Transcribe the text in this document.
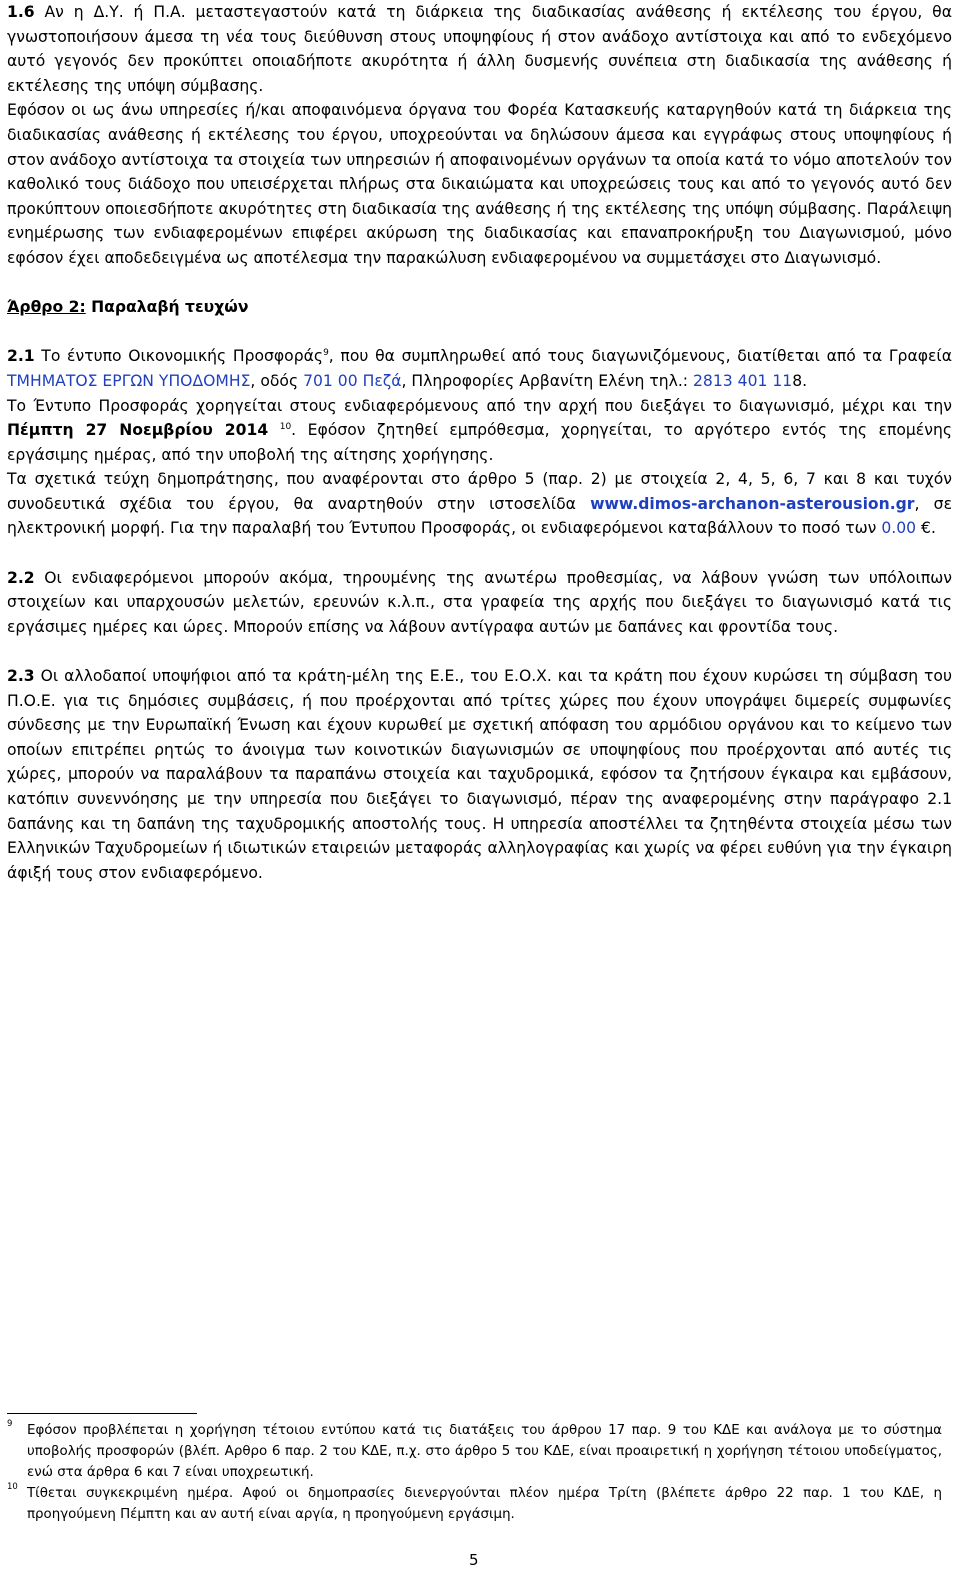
1.6 Αν η Δ.Υ. ή Π.Α. μεταστεγαστούν κατά τη διάρκεια της διαδικασίας ανάθεσης ή εκτέλεσης του έργου, θα γνωστοποιήσουν άμεσα τη νέα τους διεύθυνση στους υποψηφίους ή στον ανάδοχο αντίστοιχα και από το ενδεχόμενο αυτό γεγονός δεν προκύπτει οποιαδήποτε ακυρότητα ή άλλη δυσμενής συνέπεια στη διαδικασία της ανάθεσης ή εκτέλεσης της υπόψη σύμβασης.

Εφόσον οι ως άνω υπηρεσίες ή/και αποφαινόμενα όργανα του Φορέα Κατασκευής καταργηθούν κατά τη διάρκεια της διαδικασίας ανάθεσης ή εκτέλεσης του έργου, υποχρεούνται να δηλώσουν άμεσα και εγγράφως στους υποψηφίους ή στον ανάδοχο αντίστοιχα τα στοιχεία των υπηρεσιών ή αποφαινομένων οργάνων τα οποία κατά το νόμο αποτελούν τον καθολικό τους διάδοχο που υπεισέρχεται πλήρως στα δικαιώματα και υποχρεώσεις τους και από το γεγονός αυτό δεν προκύπτουν οποιεσδήποτε ακυρότητες στη διαδικασία της ανάθεσης ή της εκτέλεσης της υπόψη σύμβασης. Παράλειψη ενημέρωσης των ενδιαφερομένων επιφέρει ακύρωση της διαδικασίας και επαναπροκήρυξη του Διαγωνισμού, μόνο εφόσον έχει αποδεδειγμένα ως αποτέλεσμα την παρακώλυση ενδιαφερομένου να συμμετάσχει στο Διαγωνισμό.

Άρθρο 2: Παραλαβή τευχών

2.1 Το έντυπο Οικονομικής Προσφοράς$^9$, που θα συμπληρωθεί από τους διαγωνιζόμενους, διατίθεται από τα Γραφεία ΤΜΗΜΑΤΟΣ ΕΡΓΩΝ ΥΠΟΔΟΜΗΣ, οδός 701 00 Πεζά, Πληροφορίες Αρβανίτη Ελένη τηλ.: 2813 401 118.

Το Έντυπο Προσφοράς χορηγείται στους ενδιαφερόμενους από την αρχή που διεξάγει το διαγωνισμό, μέχρι και την Πέμπτη 27 Νοεμβρίου 2014 $^{10}$. Εφόσον ζητηθεί εμπρόθεσμα, χορηγείται, το αργότερο εντός της επομένης εργάσιμης ημέρας, από την υποβολή της αίτησης χορήγησης.

Τα σχετικά τεύχη δημοπράτησης, που αναφέρονται στο άρθρο 5 (παρ. 2) με στοιχεία 2, 4, 5, 6, 7 και 8 και τυχόν συνοδευτικά σχέδια του έργου, θα αναρτηθούν στην ιστοσελίδα www.dimos-archanon-asterousion.gr, σε ηλεκτρονική μορφή. Για την παραλαβή του Έντυπου Προσφοράς, οι ενδιαφερόμενοι καταβάλλουν το ποσό των 0.00 €.

2.2 Οι ενδιαφερόμενοι μπορούν ακόμα, τηρουμένης της ανωτέρω προθεσμίας, να λάβουν γνώση των υπόλοιπων στοιχείων και υπαρχουσών μελετών, ερευνών κ.λ.π., στα γραφεία της αρχής που διεξάγει το διαγωνισμό κατά τις εργάσιμες ημέρες και ώρες. Μπορούν επίσης να λάβουν αντίγραφα αυτών με δαπάνες και φροντίδα τους.

2.3 Οι αλλοδαποί υποψήφιοι από τα κράτη-μέλη της Ε.Ε., του Ε.Ο.Χ. και τα κράτη που έχουν κυρώσει τη σύμβαση του Π.Ο.Ε. για τις δημόσιες συμβάσεις, ή που προέρχονται από τρίτες χώρες που έχουν υπογράψει διμερείς συμφωνίες σύνδεσης με την Ευρωπαϊκή Ένωση και έχουν κυρωθεί με σχετική απόφαση του αρμόδιου οργάνου και το κείμενο των οποίων επιτρέπει ρητώς το άνοιγμα των κοινοτικών διαγωνισμών σε υποψηφίους που προέρχονται από αυτές τις χώρες, μπορούν να παραλάβουν τα παραπάνω στοιχεία και ταχυδρομικά, εφόσον τα ζητήσουν έγκαιρα και εμβάσουν, κατόπιν συνεννόησης με την υπηρεσία που διεξάγει το διαγωνισμό, πέραν της αναφερομένης στην παράγραφο 2.1 δαπάνης και τη δαπάνη της ταχυδρομικής αποστολής τους. Η υπηρεσία αποστέλλει τα ζητηθέντα στοιχεία μέσω των Ελληνικών Ταχυδρομείων ή ιδιωτικών εταιρειών μεταφοράς αλληλογραφίας και χωρίς να φέρει ευθύνη για την έγκαιρη άφιξή τους στον ενδιαφερόμενο.

9 Εφόσον προβλέπεται η χορήγηση τέτοιου εντύπου κατά τις διατάξεις του άρθρου 17 παρ. 9 του ΚΔΕ και ανάλογα με το σύστημα υποβολής προσφορών (βλέπ. Αρθρο 6 παρ. 2 του ΚΔΕ, π.χ. στο άρθρο 5 του ΚΔΕ, είναι προαιρετική η χορήγηση τέτοιου υποδείγματος, ενώ στα άρθρα 6 και 7 είναι υποχρεωτική.
10 Τίθεται συγκεκριμένη ημέρα. Αφού οι δημοπρασίες διενεργούνται πλέον ημέρα Τρίτη (βλέπετε άρθρο 22 παρ. 1 του ΚΔΕ, η προηγούμενη Πέμπτη και αν αυτή είναι αργία, η προηγούμενη εργάσιμη.
5
